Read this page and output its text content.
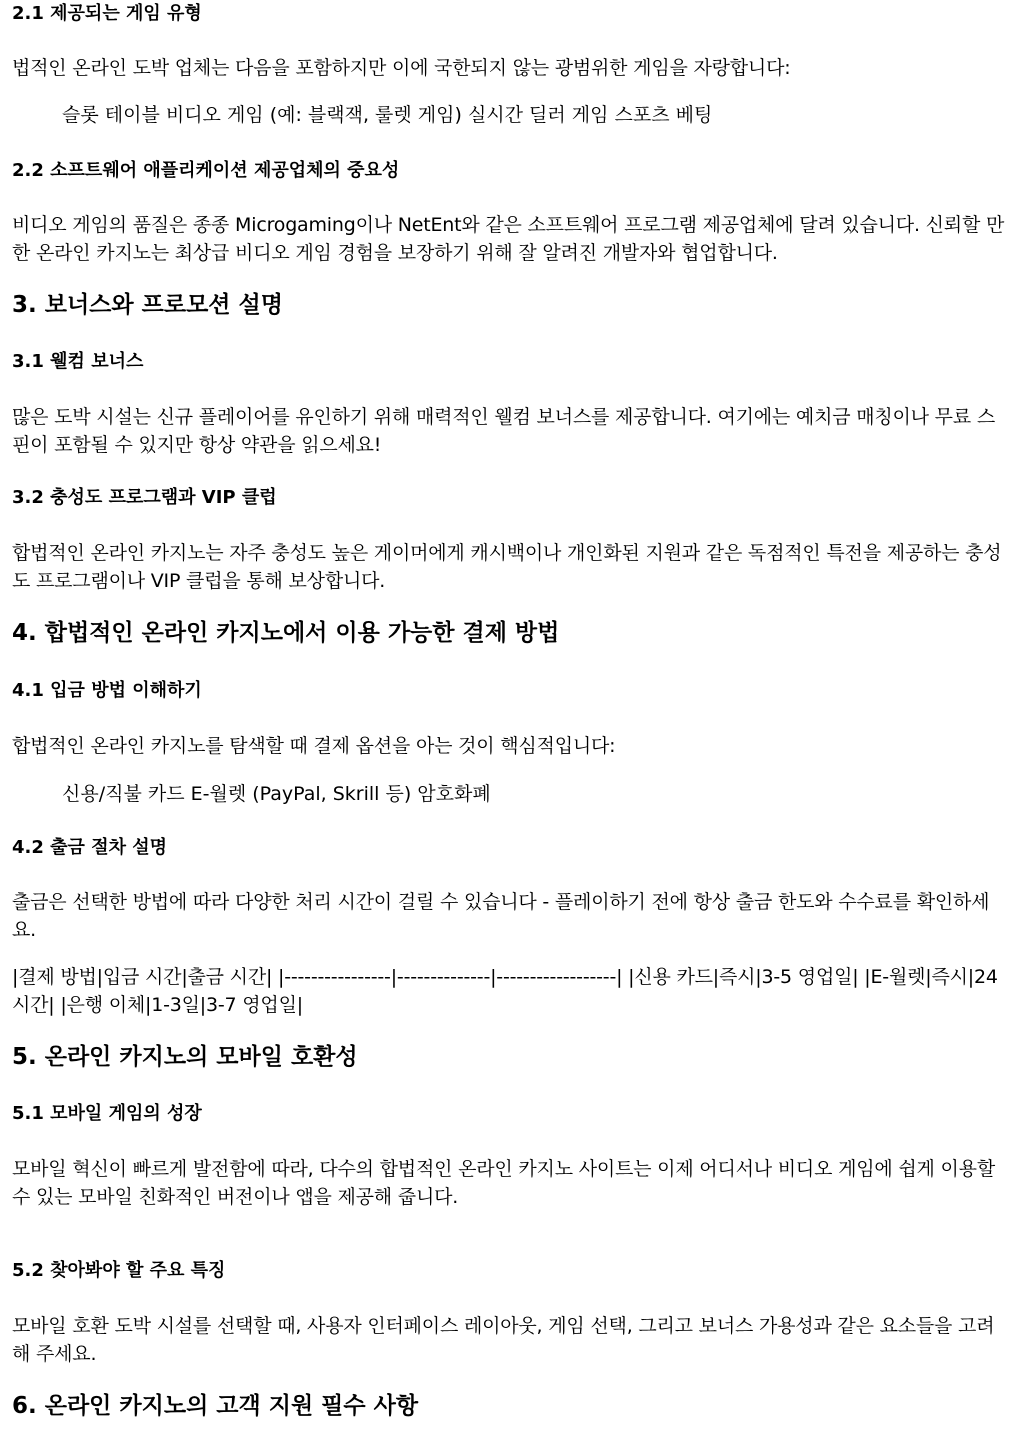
2.1 제공되는 게임 유형
법적인 온라인 도박 업체는 다음을 포함하지만 이에 국한되지 않는 광범위한 게임을 자랑합니다:
슬롯 테이블 비디오 게임 (예: 블랙잭, 룰렛 게임) 실시간 딜러 게임 스포츠 베팅
2.2 소프트웨어 애플리케이션 제공업체의 중요성
비디오 게임의 품질은 종종 Microgaming이나 NetEnt와 같은 소프트웨어 프로그램 제공업체에 달려 있습니다. 신뢰할 만한 온라인 카지노는 최상급 비디오 게임 경험을 보장하기 위해 잘 알려진 개발자와 협업합니다.
3. 보너스와 프로모션 설명
3.1 웰컴 보너스
많은 도박 시설는 신규 플레이어를 유인하기 위해 매력적인 웰컴 보너스를 제공합니다. 여기에는 예치금 매칭이나 무료 스핀이 포함될 수 있지만 항상 약관을 읽으세요!
3.2 충성도 프로그램과 VIP 클럽
합법적인 온라인 카지노는 자주 충성도 높은 게이머에게 캐시백이나 개인화된 지원과 같은 독점적인 특전을 제공하는 충성도 프로그램이나 VIP 클럽을 통해 보상합니다.
4. 합법적인 온라인 카지노에서 이용 가능한 결제 방법
4.1 입금 방법 이해하기
합법적인 온라인 카지노를 탐색할 때 결제 옵션을 아는 것이 핵심적입니다:
신용/직불 카드 E-월렛 (PayPal, Skrill 등) 암호화폐
4.2 출금 절차 설명
출금은 선택한 방법에 따라 다양한 처리 시간이 걸릴 수 있습니다 - 플레이하기 전에 항상 출금 한도와 수수료를 확인하세요.
|결제 방법|입금 시간|출금 시간| |----------------|--------------|------------------| |신용 카드|즉시|3-5 영업일| |E-월렛|즉시|24시간| |은행 이체|1-3일|3-7 영업일|
5. 온라인 카지노의 모바일 호환성
5.1 모바일 게임의 성장
모바일 혁신이 빠르게 발전함에 따라, 다수의 합법적인 온라인 카지노 사이트는 이제 어디서나 비디오 게임에 쉽게 이용할 수 있는 모바일 친화적인 버전이나 앱을 제공해 줍니다.
5.2 찾아봐야 할 주요 특징
모바일 호환 도박 시설를 선택할 때, 사용자 인터페이스 레이아웃, 게임 선택, 그리고 보너스 가용성과 같은 요소들을 고려해 주세요.
6. 온라인 카지노의 고객 지원 필수 사항
